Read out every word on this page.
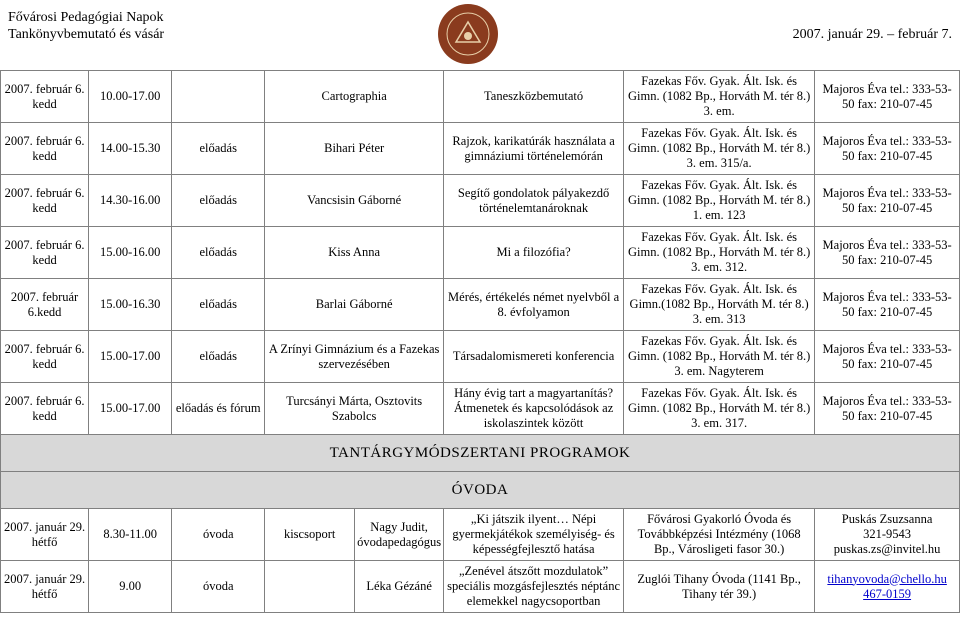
Fővárosi Pedagógiai Napok
Tankönyvbemutató és vásár	2007. január 29. – február 7.
2007. február 6. kedd	10.00-17.00		Cartographia		Taneszközbemutató	Fazekas Főv. Gyak. Ált. Isk. és Gimn. (1082 Bp., Horváth M. tér 8.) 3. em.	Majoros Éva tel.: 333-53-50 fax: 210-07-45
2007. február 6. kedd	14.00-15.30	előadás	Bihari Péter		Rajzok, karikatúrák használata a gimnáziumi történelemórán	Fazekas Főv. Gyak. Ált. Isk. és Gimn. (1082 Bp., Horváth M. tér 8.) 3. em. 315/a.	Majoros Éva tel.: 333-53-50 fax: 210-07-45
2007. február 6. kedd	14.30-16.00	előadás	Vancsisin Gáborné		Segítő gondolatok pályakezdő történelemtanároknak	Fazekas Főv. Gyak. Ált. Isk. és Gimn. (1082 Bp., Horváth M. tér 8.) 1. em. 123	Majoros Éva tel.: 333-53-50 fax: 210-07-45
2007. február 6. kedd	15.00-16.00	előadás	Kiss Anna		Mi a filozófia?	Fazekas Főv. Gyak. Ált. Isk. és Gimn. (1082 Bp., Horváth M. tér 8.) 3. em. 312.	Majoros Éva tel.: 333-53-50 fax: 210-07-45
2007. február 6.kedd	15.00-16.30	előadás	Barlai Gáborné		Mérés, értékelés német nyelvből a 8. évfolyamon	Fazekas Főv. Gyak. Ált. Isk. és Gimn.(1082 Bp., Horváth M. tér 8.) 3. em. 313	Majoros Éva tel.: 333-53-50 fax: 210-07-45
2007. február 6. kedd	15.00-17.00	előadás	A Zrínyi Gimnázium és a Fazekas szervezésében		Társadalomismereti konferencia	Fazekas Főv. Gyak. Ált. Isk. és Gimn. (1082 Bp., Horváth M. tér 8.) 3. em. Nagyterem	Majoros Éva tel.: 333-53-50 fax: 210-07-45
2007. február 6. kedd	15.00-17.00	előadás és fórum	Turcsányi Márta, Osztovits Szabolcs		Hány évig tart a magyartanítás? Átmenetek és kapcsolódások az iskolaszintek között	Fazekas Főv. Gyak. Ált. Isk. és Gimn. (1082 Bp., Horváth M. tér 8.) 3. em. 317.	Majoros Éva tel.: 333-53-50 fax: 210-07-45
TANTÁRGYMÓDSZERTANI PROGRAMOK							
ÓVODA							
2007. január 29. hétfő	8.30-11.00	óvoda	kiscsoport	Nagy Judit, óvodapedagógus	„Ki játszik ilyent… Népi gyermekjátékok személyiség- és képességfejlesztő hatása	Fővárosi Gyakorló Óvoda és Továbbképzési Intézmény (1068 Bp., Városligeti fasor 30.)	Puskás Zsuzsanna
321-9543
puskas.zs@invitel.hu

2007. január 29. hétfő	9.00	óvoda		Léka Gézáné	„Zenével átszőtt mozdulatok” speciális mozgásfejlesztés néptánc elemekkel nagycsoportban	Zuglói Tihany Óvoda (1141 Bp., Tihany tér 39.)	tihanyovoda@chello.hu
467-0159
